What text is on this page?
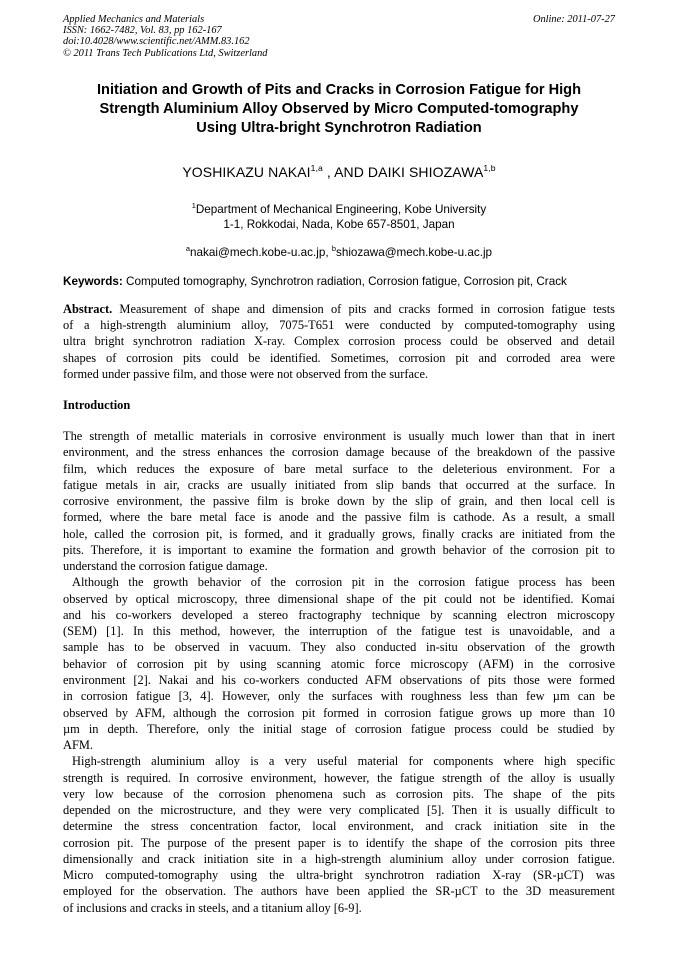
Applied Mechanics and Materials
ISSN: 1662-7482, Vol. 83, pp 162-167
doi:10.4028/www.scientific.net/AMM.83.162
© 2011 Trans Tech Publications Ltd, Switzerland
Online: 2011-07-27
Initiation and Growth of Pits and Cracks in Corrosion Fatigue for High
Strength Aluminium Alloy Observed by Micro Computed-tomography
Using Ultra-bright Synchrotron Radiation
YOSHIKAZU NAKAI$^{1,a}$ , AND DAIKI SHIOZAWA$^{1,b}$
$^1$Department of Mechanical Engineering, Kobe University
1-1, Rokkodai, Nada, Kobe 657-8501, Japan
$^a$nakai@mech.kobe-u.ac.jp, $^b$shiozawa@mech.kobe-u.ac.jp
Keywords: Computed tomography, Synchrotron radiation, Corrosion fatigue, Corrosion pit, Crack
Abstract. Measurement of shape and dimension of pits and cracks formed in corrosion fatigue tests
of a high-strength aluminium alloy, 7075-T651 were conducted by computed-tomography using
ultra bright synchrotron radiation X-ray. Complex corrosion process could be observed and detail
shapes of corrosion pits could be identified. Sometimes, corrosion pit and corroded area were
formed under passive film, and those were not observed from the surface.
Introduction
The strength of metallic materials in corrosive environment is usually much lower than that in inert
environment, and the stress enhances the corrosion damage because of the breakdown of the passive
film, which reduces the exposure of bare metal surface to the deleterious environment. For a
fatigue metals in air, cracks are usually initiated from slip bands that occurred at the surface. In
corrosive environment, the passive film is broke down by the slip of grain, and then local cell is
formed, where the bare metal face is anode and the passive film is cathode. As a result, a small
hole, called the corrosion pit, is formed, and it gradually grows, finally cracks are initiated from the
pits. Therefore, it is important to examine the formation and growth behavior of the corrosion pit to
understand the corrosion fatigue damage.
Although the growth behavior of the corrosion pit in the corrosion fatigue process has been
observed by optical microscopy, three dimensional shape of the pit could not be identified. Komai
and his co-workers developed a stereo fractography technique by scanning electron microscopy
(SEM) [1]. In this method, however, the interruption of the fatigue test is unavoidable, and a
sample has to be observed in vacuum. They also conducted in-situ observation of the growth
behavior of corrosion pit by using scanning atomic force microscopy (AFM) in the corrosive
environment [2]. Nakai and his co-workers conducted AFM observations of pits those were formed
in corrosion fatigue [3, 4]. However, only the surfaces with roughness less than few µm can be
observed by AFM, although the corrosion pit formed in corrosion fatigue grows up more than 10
µm in depth. Therefore, only the initial stage of corrosion fatigue process could be studied by
AFM.
High-strength aluminium alloy is a very useful material for components where high specific
strength is required. In corrosive environment, however, the fatigue strength of the alloy is usually
very low because of the corrosion phenomena such as corrosion pits. The shape of the pits
depended on the microstructure, and they were very complicated [5]. Then it is usually difficult to
determine the stress concentration factor, local environment, and crack initiation site in the
corrosion pit. The purpose of the present paper is to identify the shape of the corrosion pits three
dimensionally and crack initiation site in a high-strength aluminium alloy under corrosion fatigue.
Micro computed-tomography using the ultra-bright synchrotron radiation X-ray (SR-µCT) was
employed for the observation. The authors have been applied the SR-µCT to the 3D measurement
of inclusions and cracks in steels, and a titanium alloy [6-9].
